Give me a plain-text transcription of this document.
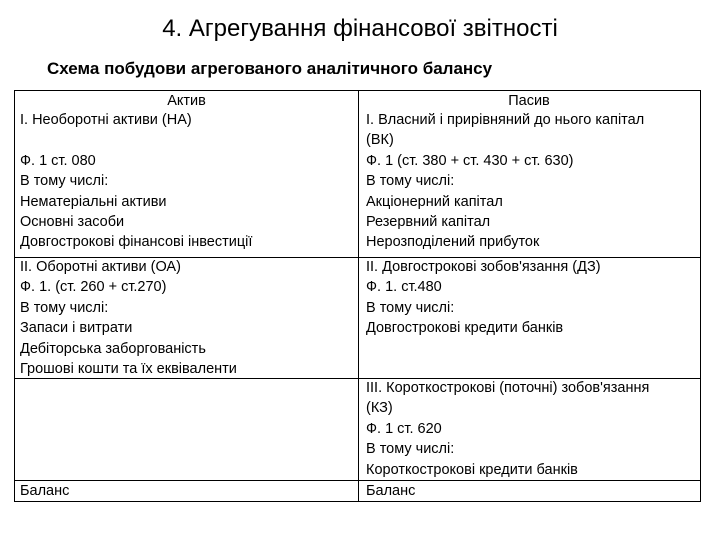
4. Агрегування фінансової звітності
Схема побудови агрегованого аналітичного балансу
Актив	Пасив
І. Необоротні активи (НА)

Ф. 1 ст. 080
В тому числі:
Нематеріальні активи
Основні засоби
Довгострокові фінансові інвестиції
ІІ. Оборотні активи (ОА)
Ф. 1. (ст. 260 + ст.270)
В тому числі:
Запаси і витрати
Дебіторська заборгованість
Грошові кошти та їх еквіваленти
І. Власний і прирівняний до нього капітал
(ВК)
Ф. 1 (ст. 380 + ст. 430 + ст. 630)
В тому числі:
Акціонерний капітал
Резервний капітал
Нерозподілений прибуток
ІІ. Довгострокові зобов'язання (ДЗ)
Ф. 1. ст.480
В тому числі:
Довгострокові кредити банків
ІІІ. Короткострокові (поточні) зобов'язання
(КЗ)
Ф. 1 ст. 620
В тому числі:
Короткострокові кредити банків
Баланс	Баланс
